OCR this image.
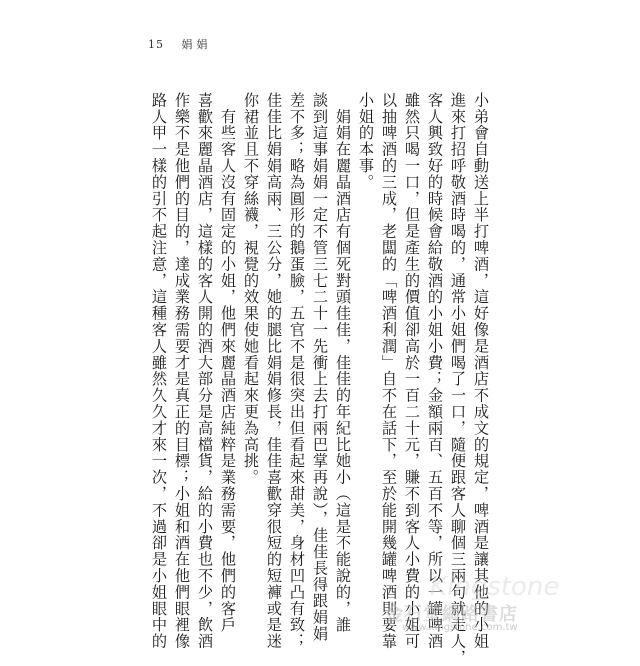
15 娟娟
小弟會自動送上半打啤酒，這好像是酒店不成文的規定，啤酒是讓其他的小姐
進來打招呼敬酒時喝的，通常小姐們喝了一口，隨便跟客人聊個三兩句就走人，
客人興致好的時候會給敬酒的小姐小費；金額兩百、五百不等，所以一罐啤酒
雖然只喝一口，但是產生的價值卻高於一百二十元，賺不到客人小費的小姐可
以抽啤酒的三成，老闆的「啤酒利潤」自不在話下，至於能開幾罐啤酒則要靠
小姐的本事。
　娟娟在麗晶酒店有個死對頭佳佳，佳佳的年紀比她小（這是不能說的，誰
談到這事娟娟一定不管三七二十一先衝上去打兩巴掌再說），佳佳長得跟娟娟
差不多；略為圓形的鵝蛋臉，五官不是很突出但看起來甜美，身材凹凸有致；
佳佳比娟娟高兩、三公分，她的腿比娟娟修長，佳佳喜歡穿很短的短褲或是迷
你裙並且不穿絲襪，視覺的效果使她看起來更為高挑。
　有些客人沒有固定的小姐，他們來麗晶酒店純粹是業務需要，他們的客戶
喜歡來麗晶酒店，這樣的客人開的酒大部分是高檔貨，給的小費也不少，飲酒
作樂不是他們的目的，達成業務需要才是真正的目標；小姐和酒在他們眼裡像
路人甲一樣的引不起注意，這種客人雖然久久才來一次，不過卻是小姐眼中的	Kingstone
金石堂網路書店
www.kingstone.com.tw
